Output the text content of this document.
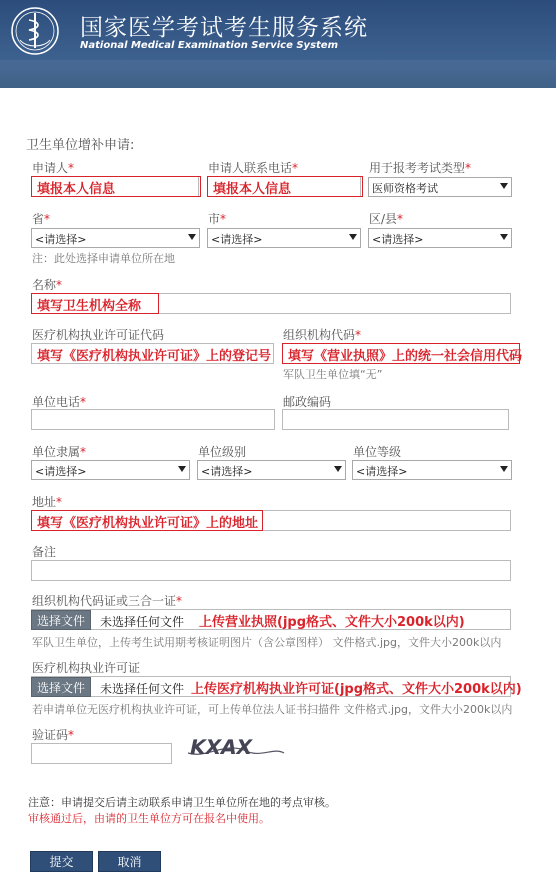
国家医学考试考生服务系统
National Medical Examination Service System
卫生单位增补申请:
申请人*	申请人联系电话*	用于报考考试类型*
填报本人信息	填报本人信息	医师资格考试
省*	市*	区/县*
<请选择>	<请选择>	<请选择>
注：此处选择申请单位所在地
名称*
填写卫生机构全称
医疗机构执业许可证代码	组织机构代码*
填写《医疗机构执业许可证》上的登记号 填写《营业执照》上的统一社会信用代码
军队卫生单位填“无”
单位电话*	邮政编码
单位隶属*	单位级别	单位等级
<请选择>	<请选择>	<请选择>
地址*
填写《医疗机构执业许可证》上的地址
备注
组织机构代码证或三合一证*
选择文件	未选择任何文件 上传营业执照(jpg格式、文件大小200k以内)
军队卫生单位，上传考生试用期考核证明图片（含公章图样） 文件格式.jpg，文件大小200k以内
医疗机构执业许可证
选择文件	未选择任何文件 上传医疗机构执业许可证(jpg格式、文件大小200k以内)
若申请单位无医疗机构执业许可证，可上传单位法人证书扫描件 文件格式.jpg，文件大小200k以内
验证码*
KXAX
注意：申请提交后请主动联系申请卫生单位所在地的考点审核。
审核通过后，由请的卫生单位方可在报名中使用。
提交	取消
